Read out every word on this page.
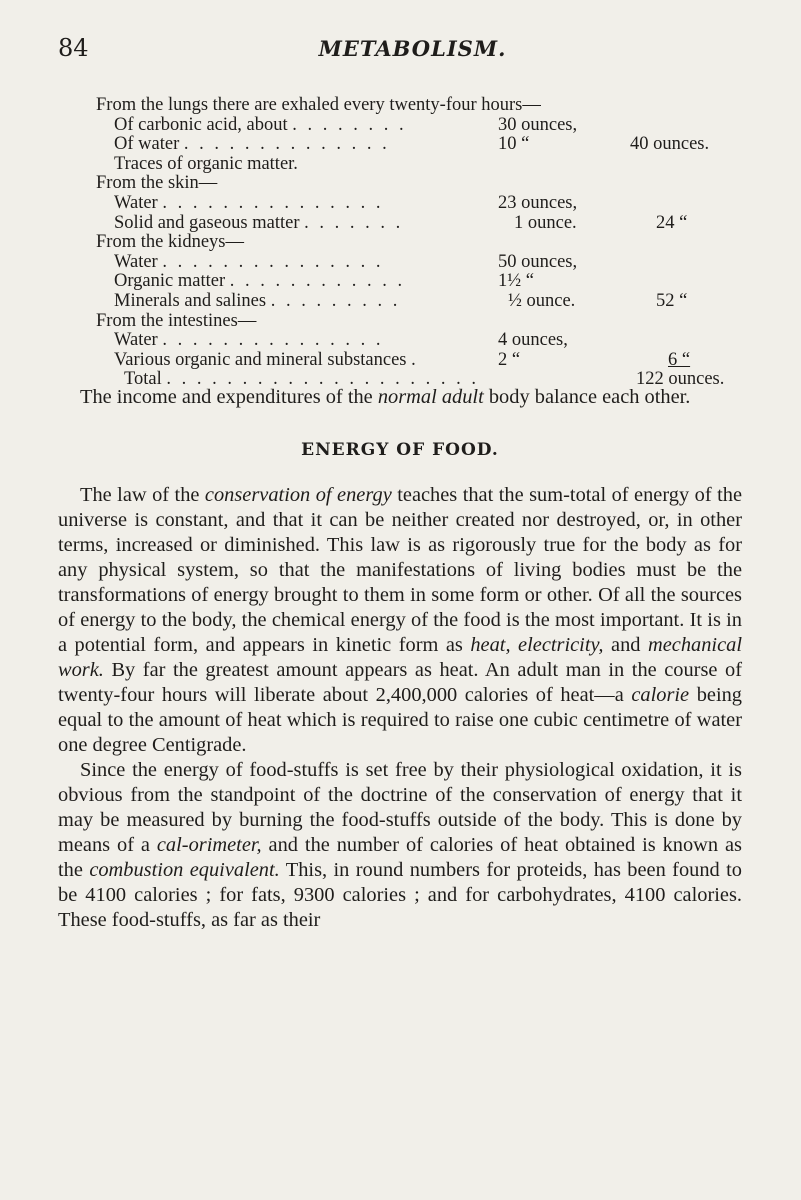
84	METABOLISM.
From the lungs there are exhaled every twenty-four hours—
Of carbonic acid, about . . . . . . . .	30 ounces,
Of water . . . . . . . . . . . . . .	10 “	40 ounces.
Traces of organic matter.
From the skin—
Water . . . . . . . . . . . . . . .	23 ounces,
Solid and gaseous matter . . . . . . .	1 ounce.	24 “
From the kidneys—
Water . . . . . . . . . . . . . . .	50 ounces,
Organic matter . . . . . . . . . . . .	1½ “
Minerals and salines . . . . . . . . .	½ ounce.	52 “
From the intestines—
Water . . . . . . . . . . . . . . .	4 ounces,
Various organic and mineral substances .	2 “	6 “
Total . . . . . . . . . . . . . . . . . . . . .	122 ounces.

The income and expenditures of the normal adult body balance each other.

ENERGY OF FOOD.

The law of the conservation of energy teaches that the sum-total of energy of the universe is constant, and that it can be neither created nor destroyed, or, in other terms, increased or diminished. This law is as rigorously true for the body as for any physical system, so that the manifestations of living bodies must be the transformations of energy brought to them in some form or other. Of all the sources of energy to the body, the chemical energy of the food is the most important. It is in a potential form, and appears in kinetic form as heat, electricity, and mechanical work. By far the greatest amount appears as heat. An adult man in the course of twenty-four hours will liberate about 2,400,000 calories of heat—a calorie being equal to the amount of heat which is required to raise one cubic centimetre of water one degree Centigrade.

Since the energy of food-stuffs is set free by their physiological oxidation, it is obvious from the standpoint of the doctrine of the conservation of energy that it may be measured by burning the food-stuffs outside of the body. This is done by means of a cal-orimeter, and the number of calories of heat obtained is known as the combustion equivalent. This, in round numbers for proteids, has been found to be 4100 calories ; for fats, 9300 calories ; and for carbohydrates, 4100 calories. These food-stuffs, as far as their
